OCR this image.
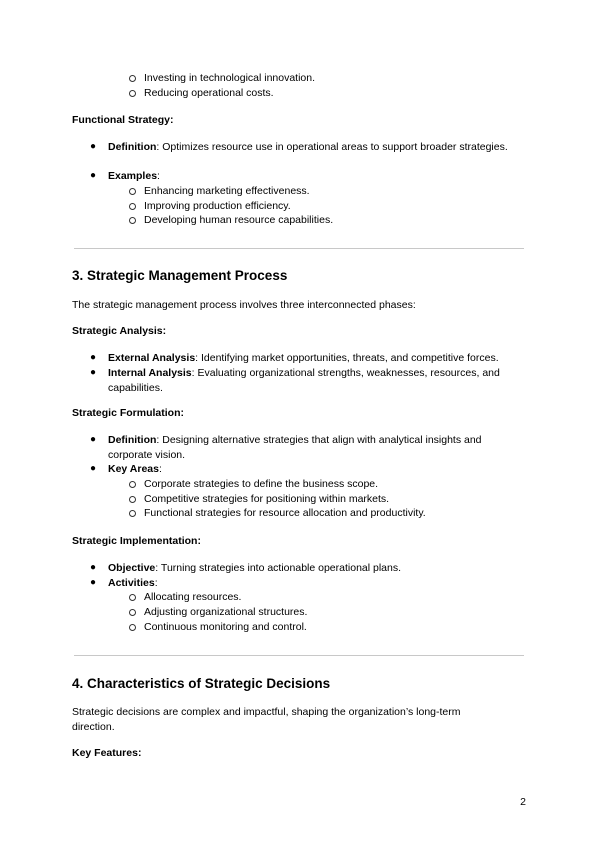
Investing in technological innovation.
Reducing operational costs.
Functional Strategy:
● Definition: Optimizes resource use in operational areas to support broader strategies.
● Examples:
Enhancing marketing effectiveness.
Improving production efficiency.
Developing human resource capabilities.
3. Strategic Management Process
The strategic management process involves three interconnected phases:
Strategic Analysis:
● External Analysis: Identifying market opportunities, threats, and competitive forces.
● Internal Analysis: Evaluating organizational strengths, weaknesses, resources, and capabilities.
Strategic Formulation:
● Definition: Designing alternative strategies that align with analytical insights and corporate vision.
● Key Areas:
Corporate strategies to define the business scope.
Competitive strategies for positioning within markets.
Functional strategies for resource allocation and productivity.
Strategic Implementation:
● Objective: Turning strategies into actionable operational plans.
● Activities:
Allocating resources.
Adjusting organizational structures.
Continuous monitoring and control.
4. Characteristics of Strategic Decisions
Strategic decisions are complex and impactful, shaping the organization’s long-term direction.
Key Features:
2
